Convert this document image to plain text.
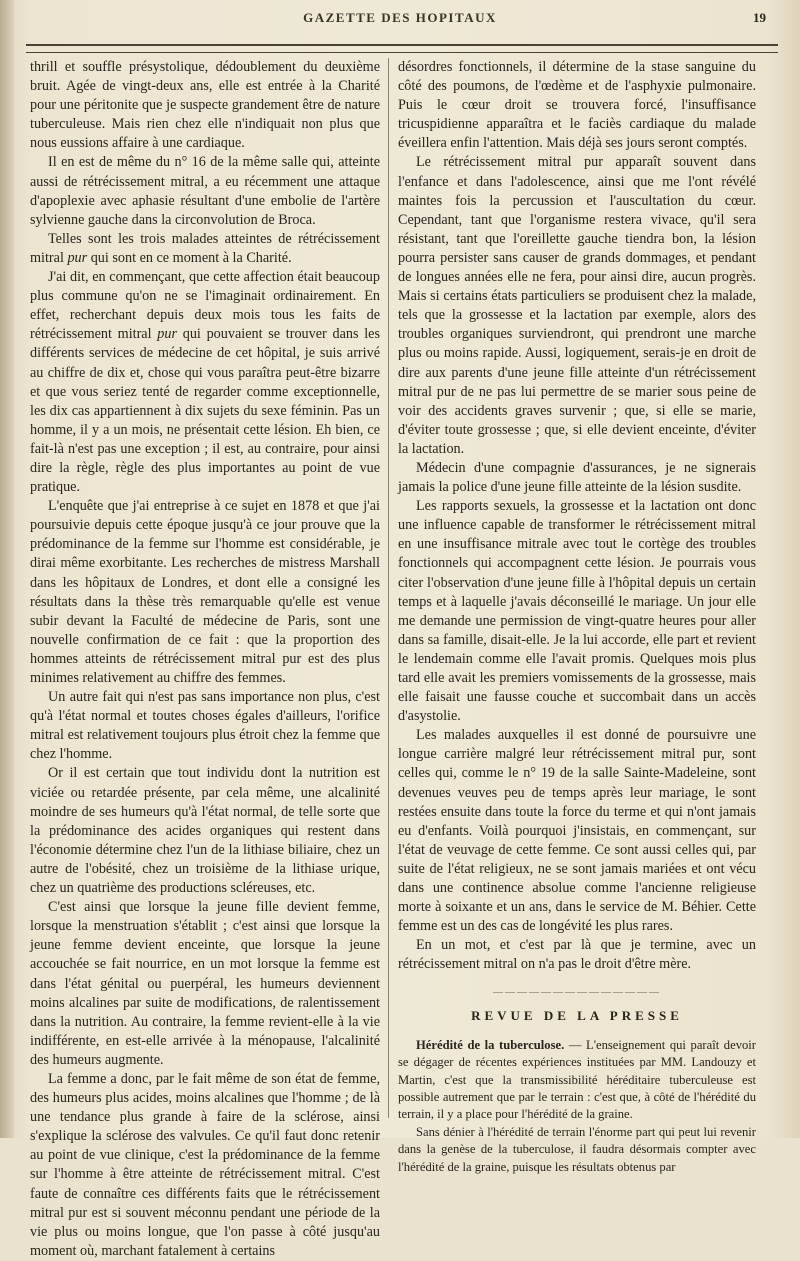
GAZETTE DES HOPITAUX	19

thrill et souffle présystolique, dédoublement du deuxième bruit. Agée de vingt-deux ans, elle est entrée à la Charité pour une péritonite que je suspecte grandement être de nature tuberculeuse. Mais rien chez elle n'indiquait non plus que nous eussions affaire à une cardiaque.

Il en est de même du n° 16 de la même salle qui, atteinte aussi de rétrécissement mitral, a eu récemment une attaque d'apoplexie avec aphasie résultant d'une embolie de l'artère sylvienne gauche dans la circonvolution de Broca.

Telles sont les trois malades atteintes de rétrécissement mitral pur qui sont en ce moment à la Charité.

J'ai dit, en commençant, que cette affection était beaucoup plus commune qu'on ne se l'imaginait ordinairement. En effet, recherchant depuis deux mois tous les faits de rétrécissement mitral pur qui pouvaient se trouver dans les différents services de médecine de cet hôpital, je suis arrivé au chiffre de dix et, chose qui vous paraîtra peut-être bizarre et que vous seriez tenté de regarder comme exceptionnelle, les dix cas appartiennent à dix sujets du sexe féminin. Pas un homme, il y a un mois, ne présentait cette lésion. Eh bien, ce fait-là n'est pas une exception ; il est, au contraire, pour ainsi dire la règle, règle des plus importantes au point de vue pratique.

L'enquête que j'ai entreprise à ce sujet en 1878 et que j'ai poursuivie depuis cette époque jusqu'à ce jour prouve que la prédominance de la femme sur l'homme est considérable, je dirai même exorbitante. Les recherches de mistress Marshall dans les hôpitaux de Londres, et dont elle a consigné les résultats dans la thèse très remarquable qu'elle est venue subir devant la Faculté de médecine de Paris, sont une nouvelle confirmation de ce fait : que la proportion des hommes atteints de rétrécissement mitral pur est des plus minimes relativement au chiffre des femmes.

Un autre fait qui n'est pas sans importance non plus, c'est qu'à l'état normal et toutes choses égales d'ailleurs, l'orifice mitral est relativement toujours plus étroit chez la femme que chez l'homme.

Or il est certain que tout individu dont la nutrition est viciée ou retardée présente, par cela même, une alcalinité moindre de ses humeurs qu'à l'état normal, de telle sorte que la prédominance des acides organiques qui restent dans l'économie détermine chez l'un de la lithiase biliaire, chez un autre de l'obésité, chez un troisième de la lithiase urique, chez un quatrième des productions scléreuses, etc.

C'est ainsi que lorsque la jeune fille devient femme, lorsque la menstruation s'établit ; c'est ainsi que lorsque la jeune femme devient enceinte, que lorsque la jeune accouchée se fait nourrice, en un mot lorsque la femme est dans l'état génital ou puerpéral, les humeurs deviennent moins alcalines par suite de modifications, de ralentissement dans la nutrition. Au contraire, la femme revient-elle à la vie indifférente, en est-elle arrivée à la ménopause, l'alcalinité des humeurs augmente.

La femme a donc, par le fait même de son état de femme, des humeurs plus acides, moins alcalines que l'homme ; de là une tendance plus grande à faire de la sclérose, ainsi s'explique la sclérose des valvules. Ce qu'il faut donc retenir au point de vue clinique, c'est la prédominance de la femme sur l'homme à être atteinte de rétrécissement mitral. C'est faute de connaître ces différents faits que le rétrécissement mitral pur est si souvent méconnu pendant une période de la vie plus ou moins longue, que l'on passe à côté jusqu'au moment où, marchant fatalement à certains

désordres fonctionnels, il détermine de la stase sanguine du côté des poumons, de l'œdème et de l'asphyxie pulmonaire. Puis le cœur droit se trouvera forcé, l'insuffisance tricuspidienne apparaîtra et le faciès cardiaque du malade éveillera enfin l'attention. Mais déjà ses jours seront comptés.

Le rétrécissement mitral pur apparaît souvent dans l'enfance et dans l'adolescence, ainsi que me l'ont révélé maintes fois la percussion et l'auscultation du cœur. Cependant, tant que l'organisme restera vivace, qu'il sera résistant, tant que l'oreillette gauche tiendra bon, la lésion pourra persister sans causer de grands dommages, et pendant de longues années elle ne fera, pour ainsi dire, aucun progrès. Mais si certains états particuliers se produisent chez la malade, tels que la grossesse et la lactation par exemple, alors des troubles organiques surviendront, qui prendront une marche plus ou moins rapide. Aussi, logiquement, serais-je en droit de dire aux parents d'une jeune fille atteinte d'un rétrécissement mitral pur de ne pas lui permettre de se marier sous peine de voir des accidents graves survenir ; que, si elle se marie, d'éviter toute grossesse ; que, si elle devient enceinte, d'éviter la lactation.

Médecin d'une compagnie d'assurances, je ne signerais jamais la police d'une jeune fille atteinte de la lésion susdite.

Les rapports sexuels, la grossesse et la lactation ont donc une influence capable de transformer le rétrécissement mitral en une insuffisance mitrale avec tout le cortège des troubles fonctionnels qui accompagnent cette lésion. Je pourrais vous citer l'observation d'une jeune fille à l'hôpital depuis un certain temps et à laquelle j'avais déconseillé le mariage. Un jour elle me demande une permission de vingt-quatre heures pour aller dans sa famille, disait-elle. Je la lui accorde, elle part et revient le lendemain comme elle l'avait promis. Quelques mois plus tard elle avait les premiers vomissements de la grossesse, mais elle faisait une fausse couche et succombait dans un accès d'asystolie.

Les malades auxquelles il est donné de poursuivre une longue carrière malgré leur rétrécissement mitral pur, sont celles qui, comme le n° 19 de la salle Sainte-Madeleine, sont devenues veuves peu de temps après leur mariage, le sont restées ensuite dans toute la force du terme et qui n'ont jamais eu d'enfants. Voilà pourquoi j'insistais, en commençant, sur l'état de veuvage de cette femme. Ce sont aussi celles qui, par suite de l'état religieux, ne se sont jamais mariées et ont vécu dans une continence absolue comme l'ancienne religieuse morte à soixante et un ans, dans le service de M. Béhier. Cette femme est un des cas de longévité les plus rares.

En un mot, et c'est par là que je termine, avec un rétrécissement mitral on n'a pas le droit d'être mère.

——————————————
REVUE DE LA PRESSE

Hérédité de la tuberculose. — L'enseignement qui paraît devoir se dégager de récentes expériences instituées par MM. Landouzy et Martin, c'est que la transmissibilité héréditaire tuberculeuse est possible autrement que par le terrain : c'est que, à côté de l'hérédité du terrain, il y a place pour l'hérédité de la graine.

Sans dénier à l'hérédité de terrain l'énorme part qui peut lui revenir dans la genèse de la tuberculose, il faudra désormais compter avec l'hérédité de la graine, puisque les résultats obtenus par
